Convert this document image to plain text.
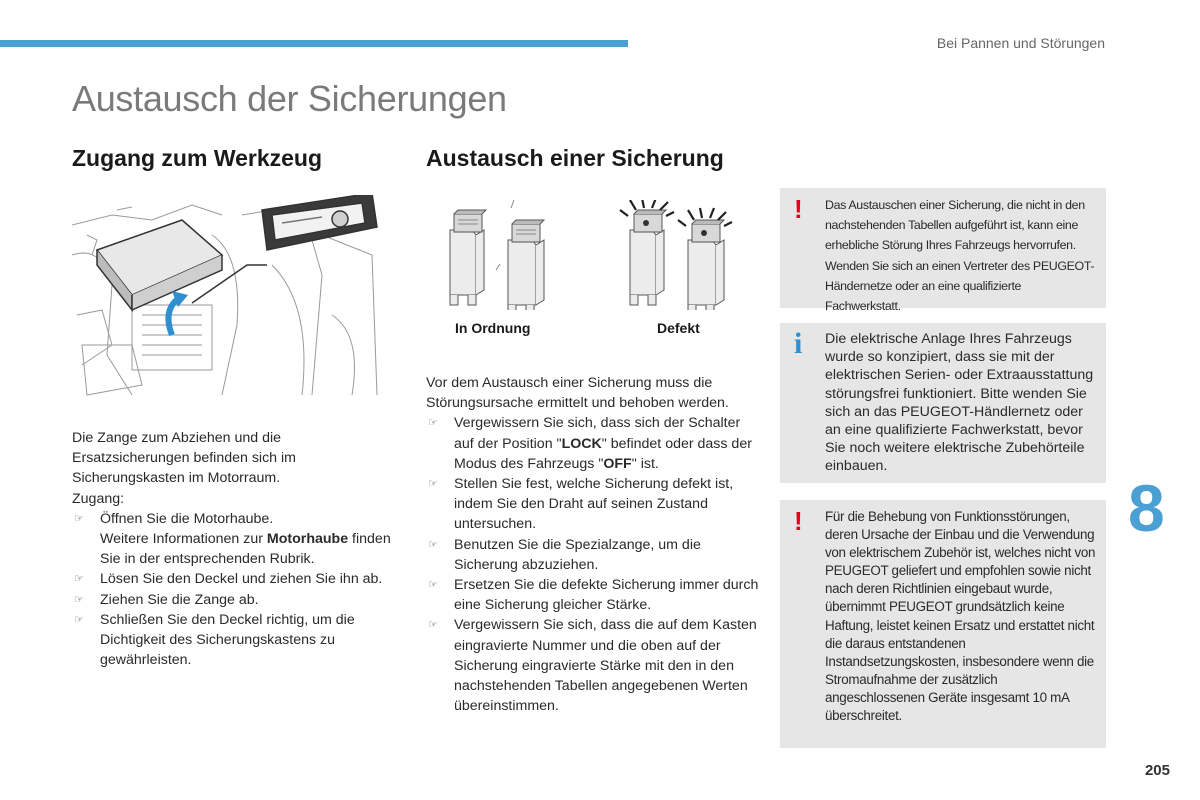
Bei Pannen und Störungen
Austausch der Sicherungen
Zugang zum Werkzeug	Austausch einer Sicherung
In Ordnung	Defekt

Die Zange zum Abziehen und die Ersatzsicherungen befinden sich im Sicherungskasten im Motorraum.

Zugang:

☞ Öffnen Sie die Motorhaube.
Weitere Informationen zur Motorhaube finden Sie in der entsprechenden Rubrik.
☞ Lösen Sie den Deckel und ziehen Sie ihn ab.
☞ Ziehen Sie die Zange ab.
☞ Schließen Sie den Deckel richtig, um die Dichtigkeit des Sicherungskastens zu gewährleisten.

Vor dem Austausch einer Sicherung muss die Störungsursache ermittelt und behoben werden.

☞ Vergewissern Sie sich, dass sich der Schalter auf der Position "LOCK" befindet oder dass der Modus des Fahrzeugs "OFF" ist.
☞ Stellen Sie fest, welche Sicherung defekt ist, indem Sie den Draht auf seinen Zustand untersuchen.
☞ Benutzen Sie die Spezialzange, um die Sicherung abzuziehen.
☞ Ersetzen Sie die defekte Sicherung immer durch eine Sicherung gleicher Stärke.
☞ Vergewissern Sie sich, dass die auf dem Kasten eingravierte Nummer und die oben auf der Sicherung eingravierte Stärke mit den in den nachstehenden Tabellen angegebenen Werten übereinstimmen.
! Das Austauschen einer Sicherung, die nicht in den nachstehenden Tabellen aufgeführt ist, kann eine erhebliche Störung Ihres Fahrzeugs hervorrufen. Wenden Sie sich an einen Vertreter des PEUGEOT-Händernetze oder an eine qualifizierte Fachwerkstatt.
i Die elektrische Anlage Ihres Fahrzeugs wurde so konzipiert, dass sie mit der elektrischen Serien- oder Extraausstattung störungsfrei funktioniert. Bitte wenden Sie sich an das PEUGEOT-Händlernetz oder an eine qualifizierte Fachwerkstatt, bevor Sie noch weitere elektrische Zubehörteile einbauen.
! Für die Behebung von Funktionsstörungen, deren Ursache der Einbau und die Verwendung von elektrischem Zubehör ist, welches nicht von PEUGEOT geliefert und empfohlen sowie nicht nach deren Richtlinien eingebaut wurde, übernimmt PEUGEOT grundsätzlich keine Haftung, leistet keinen Ersatz und erstattet nicht die daraus entstandenen Instandsetzungskosten, insbesondere wenn die Stromaufnahme der zusätzlich angeschlossenen Geräte insgesamt 10 mA überschreitet.
8
205
